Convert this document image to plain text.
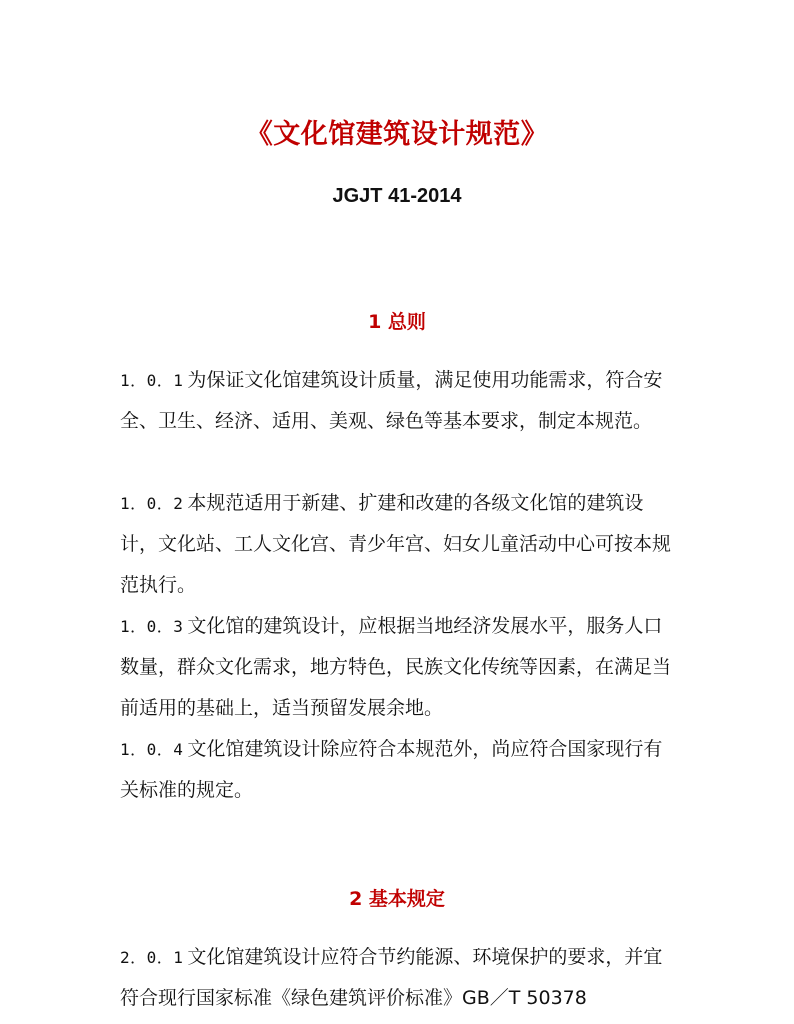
《文化馆建筑设计规范》
JGJT 41-2014
1 总则
1．0．1 为保证文化馆建筑设计质量，满足使用功能需求，符合安全、卫生、经济、适用、美观、绿色等基本要求，制定本规范。
1．0．2 本规范适用于新建、扩建和改建的各级文化馆的建筑设计，文化站、工人文化宫、青少年宫、妇女儿童活动中心可按本规范执行。
1．0．3 文化馆的建筑设计，应根据当地经济发展水平，服务人口数量，群众文化需求，地方特色，民族文化传统等因素，在满足当前适用的基础上，适当预留发展余地。
1．0．4 文化馆建筑设计除应符合本规范外，尚应符合国家现行有关标准的规定。
2 基本规定
2．0．1 文化馆建筑设计应符合节约能源、环境保护的要求，并宜符合现行国家标准《绿色建筑评价标准》GB／T 50378
